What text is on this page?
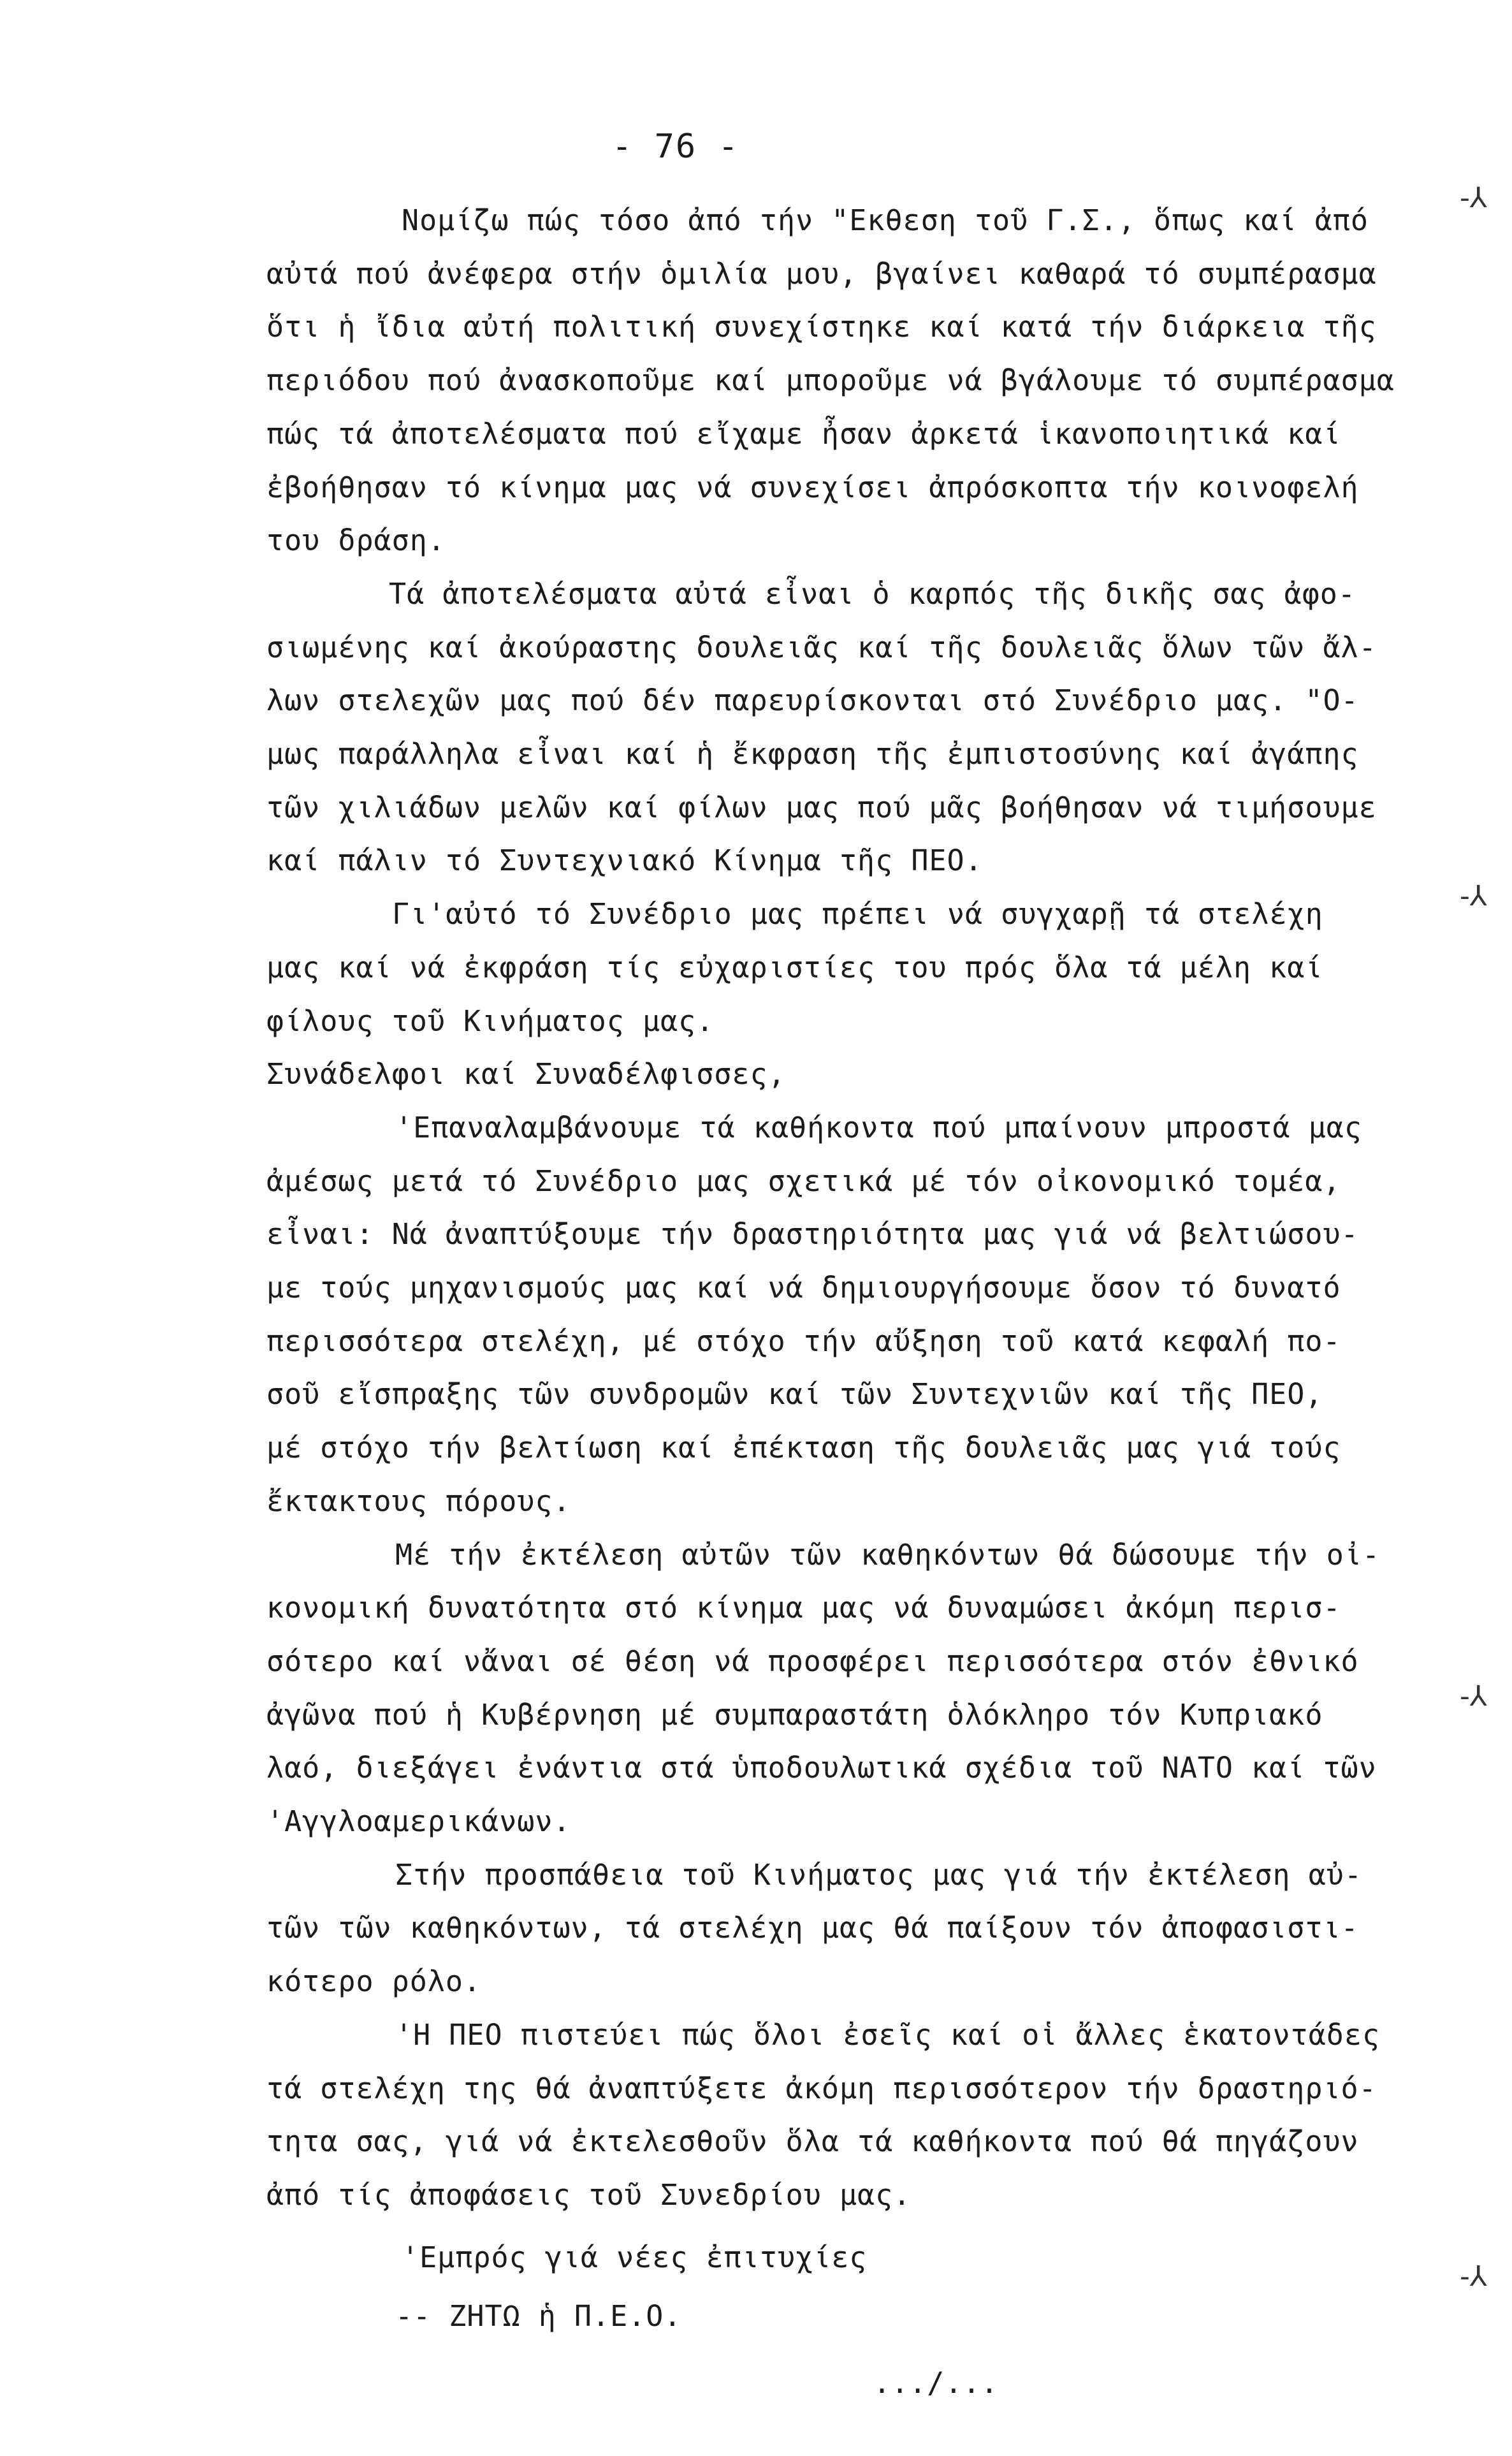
- 76 -
Νομίζω πώς τόσο ἀπό τήν "Εκθεση τοῦ Γ.Σ., ὅπως καί ἀπό
αὐτά πού ἀνέφερα στήν ὁμιλία μου, βγαίνει καθαρά τό συμπέρασμα
ὅτι ἡ ἴδια αὐτή πολιτική συνεχίστηκε καί κατά τήν διάρκεια τῆς
περιόδου πού ἀνασκοποῦμε καί μποροῦμε νά βγάλουμε τό συμπέρασμα
πώς τά ἀποτελέσματα πού εἴχαμε ἦσαν ἀρκετά ἱκανοποιητικά καί
ἐβοήθησαν τό κίνημα μας νά συνεχίσει ἀπρόσκοπτα τήν κοινοφελή
του δράση.
Τά ἀποτελέσματα αὐτά εἶναι ὁ καρπός τῆς δικῆς σας ἀφο-
σιωμένης καί ἀκούραστης δουλειᾶς καί τῆς δουλειᾶς ὅλων τῶν ἄλ-
λων στελεχῶν μας πού δέν παρευρίσκονται στό Συνέδριο μας. "Ο-
μως παράλληλα εἶναι καί ἡ ἔκφραση τῆς ἐμπιστοσύνης καί ἀγάπης
τῶν χιλιάδων μελῶν καί φίλων μας πού μᾶς βοήθησαν νά τιμήσουμε
καί πάλιν τό Συντεχνιακό Κίνημα τῆς ΠΕΟ.
Γι'αὐτό τό Συνέδριο μας πρέπει νά συγχαρῇ τά στελέχη
μας καί νά ἐκφράση τίς εὐχαριστίες του πρός ὅλα τά μέλη καί
φίλους τοῦ Κινήματος μας.
Συνάδελφοι καί Συναδέλφισσες,
'Επαναλαμβάνουμε τά καθήκοντα πού μπαίνουν μπροστά μας
ἀμέσως μετά τό Συνέδριο μας σχετικά μέ τόν οἰκονομικό τομέα,
εἶναι: Νά ἀναπτύξουμε τήν δραστηριότητα μας γιά νά βελτιώσου-
με τούς μηχανισμούς μας καί νά δημιουργήσουμε ὅσον τό δυνατό
περισσότερα στελέχη, μέ στόχο τήν αὔξηση τοῦ κατά κεφαλή πο-
σοῦ εἴσπραξης τῶν συνδρομῶν καί τῶν Συντεχνιῶν καί τῆς ΠΕΟ,
μέ στόχο τήν βελτίωση καί ἐπέκταση τῆς δουλειᾶς μας γιά τούς
ἔκτακτους πόρους.
Μέ τήν ἐκτέλεση αὐτῶν τῶν καθηκόντων θά δώσουμε τήν οἰ-
κονομική δυνατότητα στό κίνημα μας νά δυναμώσει ἀκόμη περισ-
σότερο καί νἄναι σέ θέση νά προσφέρει περισσότερα στόν ἐθνικό
ἀγῶνα πού ἡ Κυβέρνηση μέ συμπαραστάτη ὁλόκληρο τόν Κυπριακό
λαό, διεξάγει ἐνάντια στά ὑποδουλωτικά σχέδια τοῦ ΝΑΤΟ καί τῶν
'Αγγλοαμερικάνων.
Στήν προσπάθεια τοῦ Κινήματος μας γιά τήν ἐκτέλεση αὐ-
τῶν τῶν καθηκόντων, τά στελέχη μας θά παίξουν τόν ἀποφασιστι-
κότερο ρόλο.
'Η ΠΕΟ πιστεύει πώς ὅλοι ἐσεῖς καί οἱ ἄλλες ἑκατοντάδες
τά στελέχη της θά ἀναπτύξετε ἀκόμη περισσότερον τήν δραστηριό-
τητα σας, γιά νά ἐκτελεσθοῦν ὅλα τά καθήκοντα πού θά πηγάζουν
ἀπό τίς ἀποφάσεις τοῦ Συνεδρίου μας.
'Εμπρός γιά νέες ἐπιτυχίες
-- ΖΗΤΩ ἡ Π.Ε.Ο.
.../...
-⅄
-⅄
-⅄
-⅄
